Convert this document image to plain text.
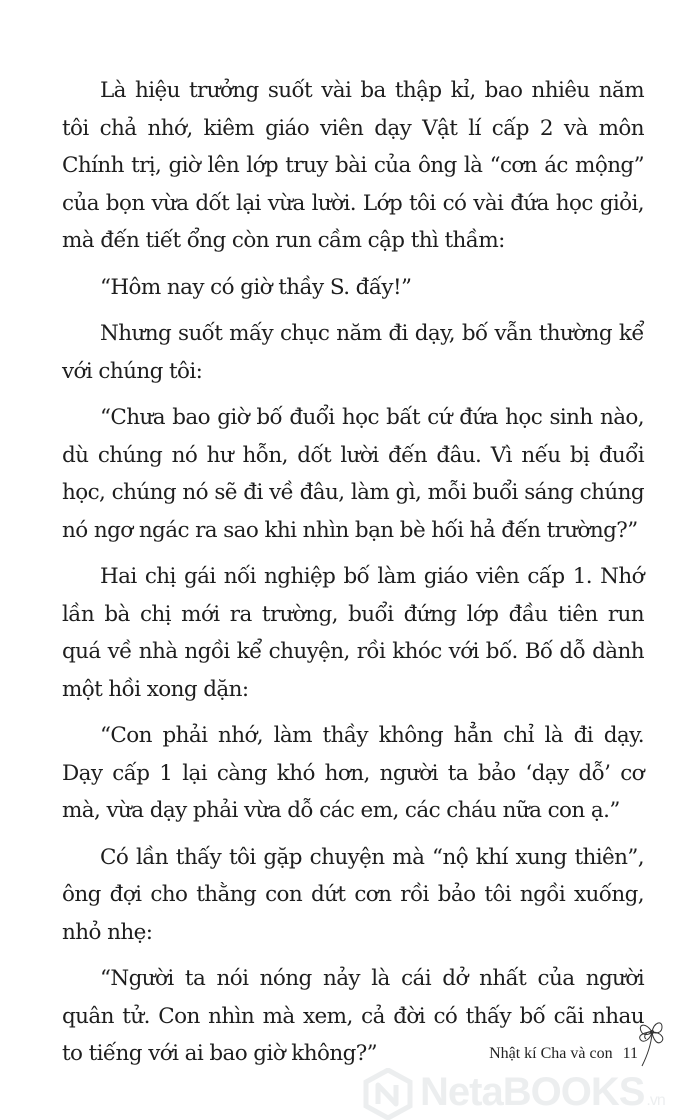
Là hiệu trưởng suốt vài ba thập kỉ, bao nhiêu năm tôi chả nhớ, kiêm giáo viên dạy Vật lí cấp 2 và môn Chính trị, giờ lên lớp truy bài của ông là “cơn ác mộng” của bọn vừa dốt lại vừa lười. Lớp tôi có vài đứa học giỏi, mà đến tiết ổng còn run cầm cập thì thầm:

“Hôm nay có giờ thầy S. đấy!”

Nhưng suốt mấy chục năm đi dạy, bố vẫn thường kể với chúng tôi:

“Chưa bao giờ bố đuổi học bất cứ đứa học sinh nào, dù chúng nó hư hỗn, dốt lười đến đâu. Vì nếu bị đuổi học, chúng nó sẽ đi về đâu, làm gì, mỗi buổi sáng chúng nó ngơ ngác ra sao khi nhìn bạn bè hối hả đến trường?”

Hai chị gái nối nghiệp bố làm giáo viên cấp 1. Nhớ lần bà chị mới ra trường, buổi đứng lớp đầu tiên run quá về nhà ngồi kể chuyện, rồi khóc với bố. Bố dỗ dành một hồi xong dặn:

“Con phải nhớ, làm thầy không hẳn chỉ là đi dạy. Dạy cấp 1 lại càng khó hơn, người ta bảo ‘dạy dỗ’ cơ mà, vừa dạy phải vừa dỗ các em, các cháu nữa con ạ.”

Có lần thấy tôi gặp chuyện mà “nộ khí xung thiên”, ông đợi cho thằng con dứt cơn rồi bảo tôi ngồi xuống, nhỏ nhẹ:

“Người ta nói nóng nảy là cái dở nhất của người quân tử. Con nhìn mà xem, cả đời có thấy bố cãi nhau to tiếng với ai bao giờ không?”	Nhật kí Cha và con 11
NetaBOOKS .vn
